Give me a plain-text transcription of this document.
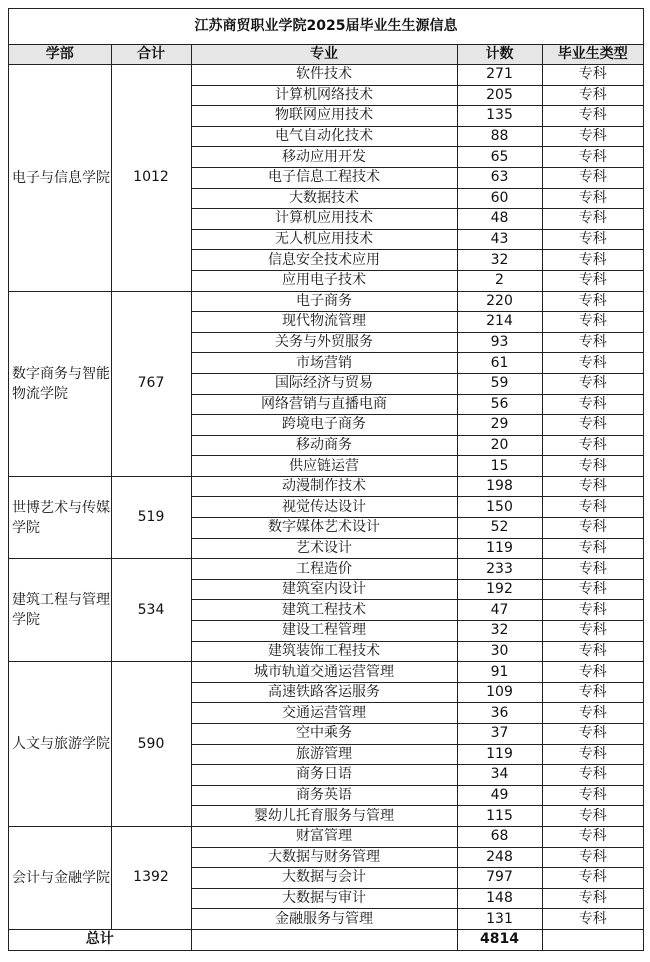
江苏商贸职业学院2025届毕业生生源信息
学部	合计	专业	计数	毕业生类型
电子与信息学院	1012	软件技术	271	专科
		计算机网络技术	205	专科
		物联网应用技术	135	专科
		电气自动化技术	88	专科
		移动应用开发	65	专科
		电子信息工程技术	63	专科
		大数据技术	60	专科
		计算机应用技术	48	专科
		无人机应用技术	43	专科
		信息安全技术应用	32	专科
		应用电子技术	2	专科
数字商务与智能物流学院	767	电子商务	220	专科
		现代物流管理	214	专科
		关务与外贸服务	93	专科
		市场营销	61	专科
		国际经济与贸易	59	专科
		网络营销与直播电商	56	专科
		跨境电子商务	29	专科
		移动商务	20	专科
		供应链运营	15	专科
世博艺术与传媒学院	519	动漫制作技术	198	专科
		视觉传达设计	150	专科
		数字媒体艺术设计	52	专科
		艺术设计	119	专科
建筑工程与管理学院	534	工程造价	233	专科
		建筑室内设计	192	专科
		建筑工程技术	47	专科
		建设工程管理	32	专科
		建筑装饰工程技术	30	专科
人文与旅游学院	590	城市轨道交通运营管理	91	专科
		高速铁路客运服务	109	专科
		交通运营管理	36	专科
		空中乘务	37	专科
		旅游管理	119	专科
		商务日语	34	专科
		商务英语	49	专科
		婴幼儿托育服务与管理	115	专科
会计与金融学院	1392	财富管理	68	专科
		大数据与财务管理	248	专科
		大数据与会计	797	专科
		大数据与审计	148	专科
		金融服务与管理	131	专科
总计			4814	
